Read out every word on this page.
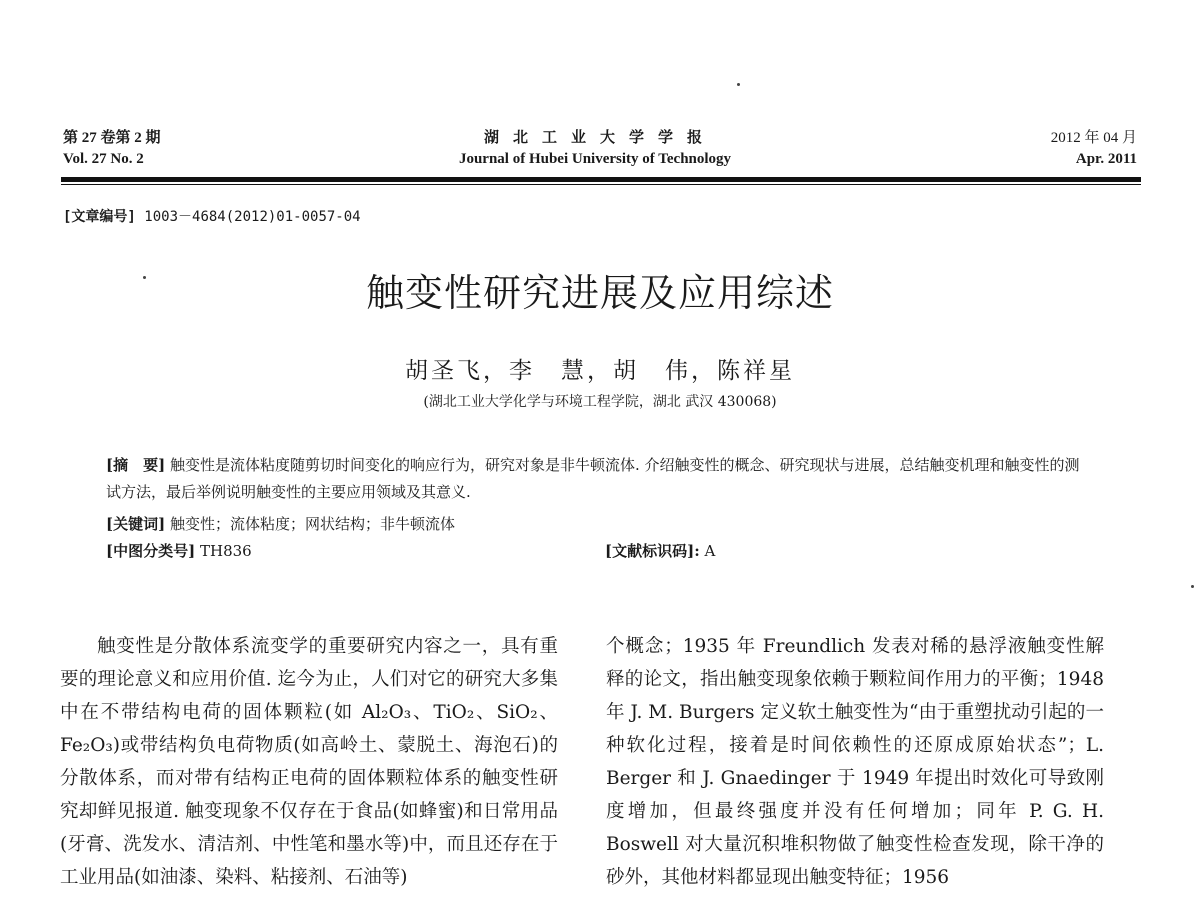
第 27 卷第 2 期
Vol. 27 No. 2
湖北工业大学学报
Journal of Hubei University of Technology
2012 年 04 月
Apr. 2011
[文章编号] 1003－4684(2012)01-0057-04
触变性研究进展及应用综述
胡圣飞，李　慧，胡　伟，陈祥星
(湖北工业大学化学与环境工程学院，湖北 武汉 430068)
[摘　要] 触变性是流体粘度随剪切时间变化的响应行为，研究对象是非牛顿流体. 介绍触变性的概念、研究现状与进展，总结触变机理和触变性的测试方法，最后举例说明触变性的主要应用领域及其意义.
[关键词] 触变性；流体粘度；网状结构；非牛顿流体
[中图分类号] TH836	[文献标识码]: A

触变性是分散体系流变学的重要研究内容之一，具有重要的理论意义和应用价值. 迄今为止，人们对它的研究大多集中在不带结构电荷的固体颗粒(如 Al₂O₃、TiO₂、SiO₂、Fe₂O₃)或带结构负电荷物质(如高岭土、蒙脱土、海泡石)的分散体系，而对带有结构正电荷的固体颗粒体系的触变性研究却鲜见报道. 触变现象不仅存在于食品(如蜂蜜)和日常用品(牙膏、洗发水、清洁剂、中性笔和墨水等)中，而且还存在于工业用品(如油漆、染料、粘接剂、石油等)

个概念；1935 年 Freundlich 发表对稀的悬浮液触变性解释的论文，指出触变现象依赖于颗粒间作用力的平衡；1948 年 J. M. Burgers 定义软土触变性为“由于重塑扰动引起的一种软化过程，接着是时间依赖性的还原成原始状态”；L. Berger 和 J. Gnaedinger 于 1949 年提出时效化可导致刚度增加，但最终强度并没有任何增加；同年 P. G. H. Boswell 对大量沉积堆积物做了触变性检查发现，除干净的砂外，其他材料都显现出触变特征；1956
